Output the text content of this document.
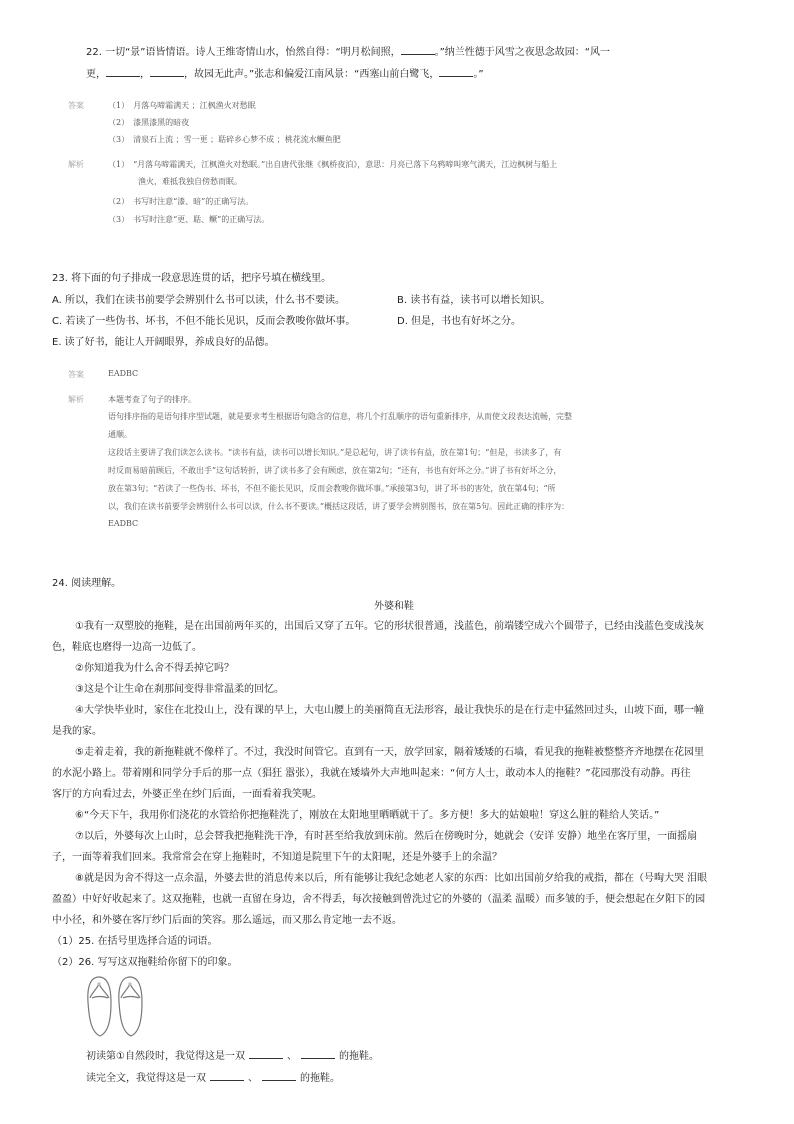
22. 一切“景”语皆情语。诗人王维寄情山水，怡然自得：“明月松间照，	。”纳兰性德于风雪之夜思念故园：“风一
更，	，	，故园无此声。”张志和偏爱江南风景：“西塞山前白鹭飞，	。”
答案	（1）　月落乌啼霜满天 ；江枫渔火对愁眠
（2）　漆黑漆黑的暗夜
（3）　清泉石上流 ；雪一更 ；聒碎乡心梦不成 ；桃花流水鳜鱼肥
解析	（1）　“月落乌啼霜满天，江枫渔火对愁眠。”出自唐代张继《枫桥夜泊》，意思：月亮已落下乌鸦啼叫寒气满天，江边枫树与船上
渔火，难抵我独自傍愁而眠。
（2）　书写时注意“漆、暗”的正确写法。
（3）　书写时注意“更、聒、鳜”的正确写法。
23. 将下面的句子排成一段意思连贯的话，把序号填在横线里。
A. 所以，我们在读书前要学会辨别什么书可以读，什么书不要读。	B. 读书有益，读书可以增长知识。
C. 若读了一些伪书、坏书，不但不能长见识，反而会教唆你做坏事。	D. 但是，书也有好坏之分。
E. 读了好书，能让人开阔眼界，养成良好的品德。
答案	EADBC
解析	本题考查了句子的排序。
语句排序指的是语句排序型试题，就是要求考生根据语句隐含的信息，将几个打乱顺序的语句重新排序，从而使文段表达流畅，完整
通顺。
这段话主要讲了我们读怎么读书。“读书有益，读书可以增长知识。”是总起句，讲了读书有益，放在第1句；“但是，书读多了，有
时反而易暗前顾后，不敢出手”这句话转折，讲了读书多了会有顾虑，放在第2句；“还有，书也有好坏之分。”讲了书有好坏之分，
放在第3句；“若读了一些伪书、坏书，不但不能长见识，反而会教唆你做坏事。”承接第3句，讲了坏书的害处，放在第4句；“所
以，我们在读书前要学会辨别什么书可以读，什么书不要读。”概括这段话，讲了要学会辨别图书，放在第5句。因此正确的排序为：
EADBC
24. 阅读理解。
外婆和鞋
①我有一双塑胶的拖鞋，是在出国前两年买的，出国后又穿了五年。它的形状很普通，浅蓝色，前端镂空成六个圆带子，已经由浅蓝色变成浅灰
色，鞋底也磨得一边高一边低了。
②你知道我为什么舍不得丢掉它吗？
③这是个让生命在刹那间变得非常温柔的回忆。
④大学快毕业时，家住在北投山上，没有课的早上，大屯山腰上的美丽简直无法形容，最让我快乐的是在行走中猛然回过头，山坡下面，哪一幢
是我的家。
⑤走着走着，我的新拖鞋就不像样了。不过，我没时间管它。直到有一天，放学回家，隔着矮矮的石墙，看见我的拖鞋被整整齐齐地摆在花园里
的水泥小路上。带着刚和同学分手后的那一点（猖狂 嚣张），我就在矮墙外大声地叫起来：“何方人士，敢动本人的拖鞋？”花园那没有动静。再往
客厅的方向看过去，外婆正坐在纱门后面，一面看着我笑呢。
⑥“今天下午，我用你们浇花的水管给你把拖鞋洗了，刚放在太阳地里晒晒就干了。多方便！多大的姑娘啦！穿这么脏的鞋给人笑话。”
⑦以后，外婆每次上山时，总会替我把拖鞋洗干净，有时甚至给我放到床前。然后在傍晚时分，她就会（安详 安静）地坐在客厅里，一面摇扇
子，一面等着我们回来。我常常会在穿上拖鞋时，不知道是院里下午的太阳呢，还是外婆手上的余温？
⑧就是因为舍不得这一点余温，外婆去世的消息传来以后，所有能够让我纪念她老人家的东西：比如出国前夕给我的戒指，都在（号啕大哭 泪眼
盈盈）中好好收起来了。这双拖鞋，也就一直留在身边，舍不得丢，每次接触到曾洗过它的外婆的（温柔 温暖）而多皱的手，便会想起在夕阳下的园
中小径，和外婆在客厅纱门后面的笑容。那么遥远，而又那么肯定地一去不返。
（1）25. 在括号里选择合适的词语。
（2）26. 写写这双拖鞋给你留下的印象。
初读第①自然段时，我觉得这是一双	、	的拖鞋。
读完全文，我觉得这是一双	、	的拖鞋。
